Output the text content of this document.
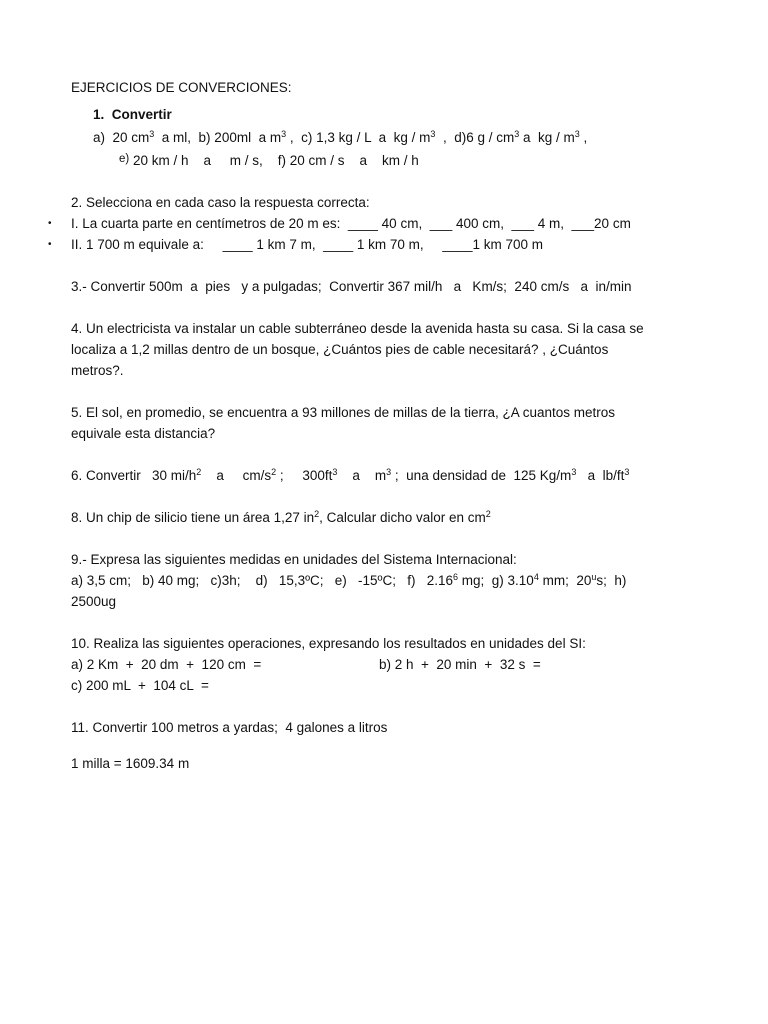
EJERCICIOS DE CONVERCIONES:
1.  Convertir
a)  20 $cm^3$  a ml,  b) 200ml  a $m^3$ ,  c) 1,3 kg / L  a  kg / $m^3$  ,  d)6 g / $cm^3$ a  kg / $m^3$ ,
e) 20 km / h    a     m / s,    f) 20 cm / s    a    km / h
2. Selecciona en cada caso la respuesta correcta:
• I. La cuarta parte en centímetros de 20 m es:  ____ 40 cm,  ___ 400 cm,  ___ 4 m,  ___20 cm
• II. 1 700 m equivale a:     ____ 1 km 7 m,  ____ 1 km 70 m,     ____1 km 700 m
3.- Convertir 500m  a  pies   y a pulgadas;  Convertir 367 mil/h   a   Km/s;  240 cm/s   a  in/min
4. Un electricista va instalar un cable subterráneo desde la avenida hasta su casa. Si la casa se
localiza a 1,2 millas dentro de un bosque, ¿Cuántos pies de cable necesitará? , ¿Cuántos
metros?.
5. El sol, en promedio, se encuentra a 93 millones de millas de la tierra, ¿A cuantos metros
equivale esta distancia?
6. Convertir   30 $mi/h^2$    a     $cm/s^2$ ;     $300ft^3$    a    $m^3$ ;  una densidad de  125 $Kg/m^3$   a  $lb/ft^3$
8. Un chip de silicio tiene un área 1,27 $in^2$, Calcular dicho valor en $cm^2$
9.- Expresa las siguientes medidas en unidades del Sistema Internacional:
a) 3,5 cm;   b) 40 mg;   c)3h;    d)   15,3ºC;   e)   -15ºC;   f)   2.16$^6$ mg;  g) 3.10$^4$ mm;  20$^u$s;  h)
2500ug
10. Realiza las siguientes operaciones, expresando los resultados en unidades del SI:
a) 2 Km  +  20 dm  +  120 cm  =	b) 2 h  +  20 min  +  32 s  =
c) 200 mL  +  104 cL  =
11. Convertir 100 metros a yardas;  4 galones a litros
1 milla = 1609.34 m
